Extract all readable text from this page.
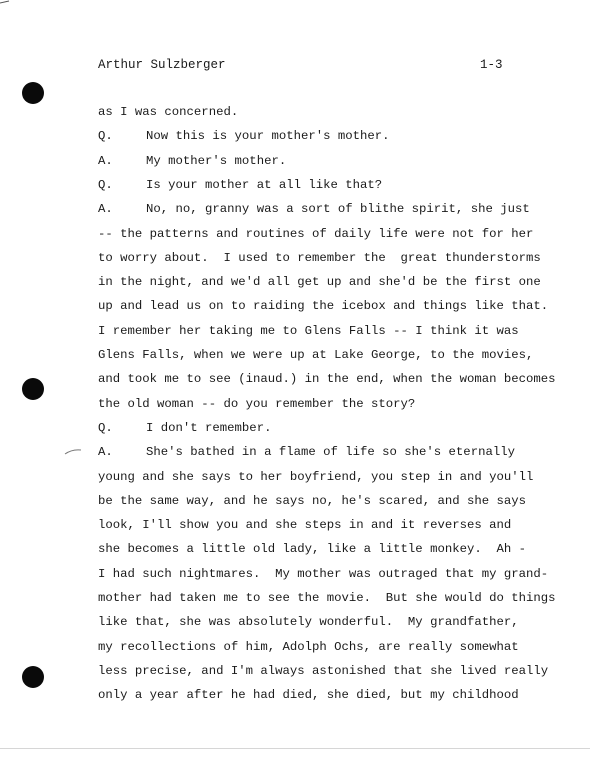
Arthur Sulzberger	1-3
as I was concerned.
Q.	Now this is your mother's mother.
A.	My mother's mother.
Q.	Is your mother at all like that?
A.	No, no, granny was a sort of blithe spirit, she just
-- the patterns and routines of daily life were not for her
to worry about.  I used to remember the  great thunderstorms
in the night, and we'd all get up and she'd be the first one
up and lead us on to raiding the icebox and things like that.
I remember her taking me to Glens Falls -- I think it was
Glens Falls, when we were up at Lake George, to the movies,
and took me to see (inaud.) in the end, when the woman becomes
the old woman -- do you remember the story?
Q.	I don't remember.
A.	She's bathed in a flame of life so she's eternally
young and she says to her boyfriend, you step in and you'll
be the same way, and he says no, he's scared, and she says
look, I'll show you and she steps in and it reverses and
she becomes a little old lady, like a little monkey.  Ah -
I had such nightmares.  My mother was outraged that my grand-
mother had taken me to see the movie.  But she would do things
like that, she was absolutely wonderful.  My grandfather,
my recollections of him, Adolph Ochs, are really somewhat
less precise, and I'm always astonished that she lived really
only a year after he had died, she died, but my childhood
